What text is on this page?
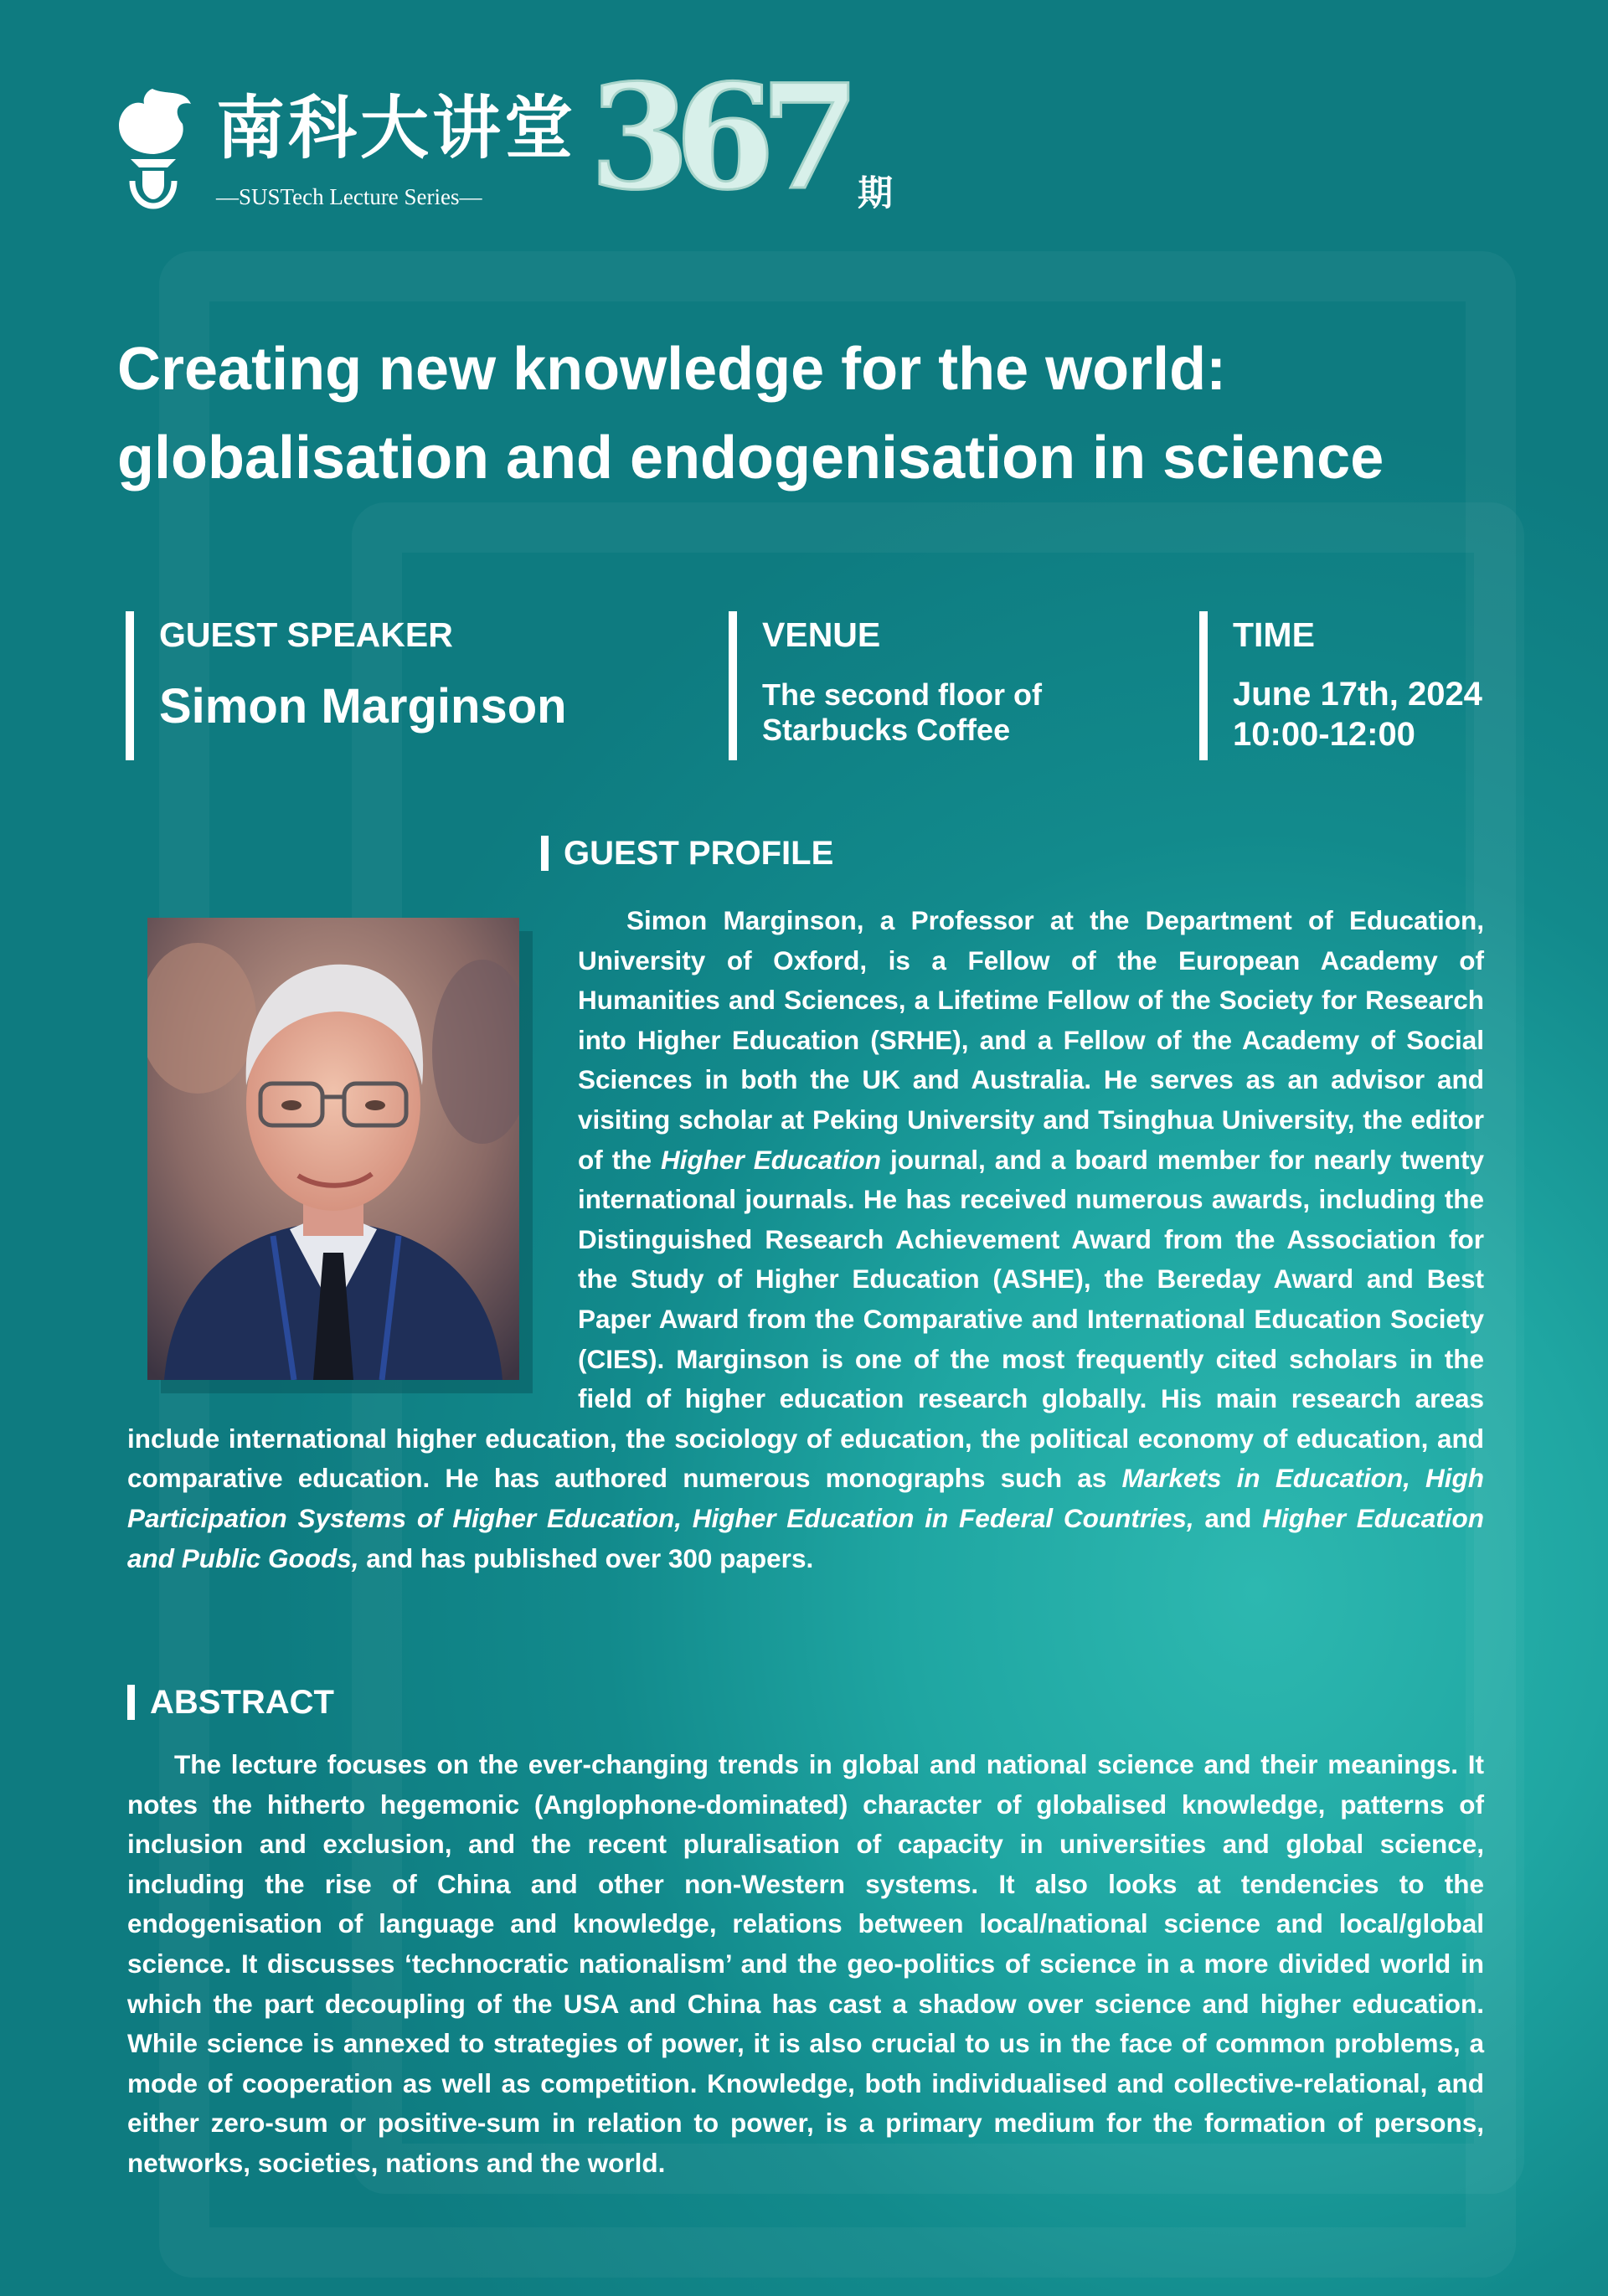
南科大讲堂
—SUSTech Lecture Series— 367 期
Creating new knowledge for the world:
globalisation and endogenisation in science
GUEST SPEAKER
Simon Marginson
VENUE
The second floor of
Starbucks Coffee
TIME
June 17th, 2024
10:00-12:00
GUEST PROFILE

Simon Marginson, a Professor at the Department of Education, University of Oxford, is a Fellow of the European Academy of Humanities and Sciences, a Lifetime Fellow of the Society for Research into Higher Education (SRHE), and a Fellow of the Academy of Social Sciences in both the UK and Australia. He serves as an advisor and visiting scholar at Peking University and Tsinghua University, the editor of the Higher Education journal, and a board member for nearly twenty international journals. He has received numerous awards, including the Distinguished Research Achievement Award from the Association for the Study of Higher Education (ASHE), the Bereday Award and Best Paper Award from the Comparative and International Education Society (CIES). Marginson is one of the most frequently cited scholars in the field of higher education research globally. His main research areas include international higher education, the sociology of education, the political economy of education, and comparative education. He has authored numerous monographs such as Markets in Education, High Participation Systems of Higher Education, Higher Education in Federal Countries, and Higher Education and Public Goods, and has published over 300 papers.

ABSTRACT

The lecture focuses on the ever-changing trends in global and national science and their meanings. It notes the hitherto hegemonic (Anglophone-dominated) character of globalised knowledge, patterns of inclusion and exclusion, and the recent pluralisation of capacity in universities and global science, including the rise of China and other non-Western systems. It also looks at tendencies to the endogenisation of language and knowledge, relations between local/national science and local/global science. It discusses ‘technocratic nationalism’ and the geo-politics of science in a more divided world in which the part decoupling of the USA and China has cast a shadow over science and higher education. While science is annexed to strategies of power, it is also crucial to us in the face of common problems, a mode of cooperation as well as competition. Knowledge, both individualised and collective-relational, and either zero-sum or positive-sum in relation to power, is a primary medium for the formation of persons, networks, societies, nations and the world.
